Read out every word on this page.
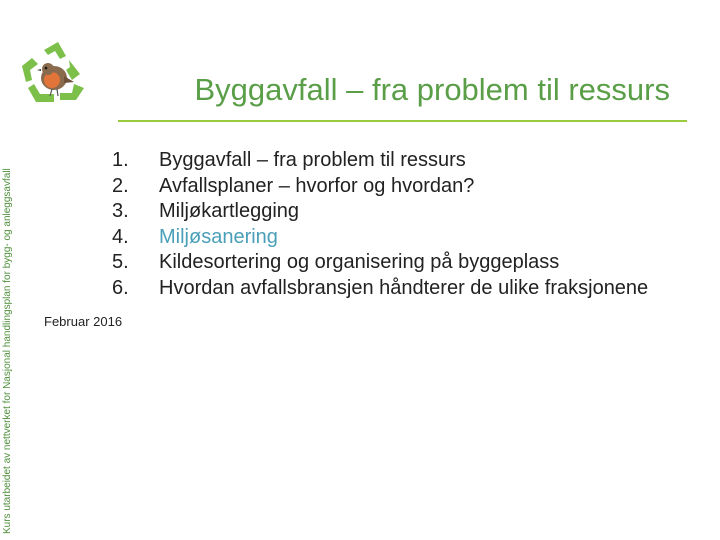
Byggavfall – fra problem til ressurs
Kurs utarbeidet av nettverket for Nasjonal handlingsplan for bygg- og anleggsavfall
1.	Byggavfall – fra problem til ressurs
2.	Avfallsplaner – hvorfor og hvordan?
3.	Miljøkartlegging
4.	Miljøsanering
5.	Kildesortering og organisering på byggeplass
6.	Hvordan avfallsbransjen håndterer de ulike fraksjonene
Februar 2016
